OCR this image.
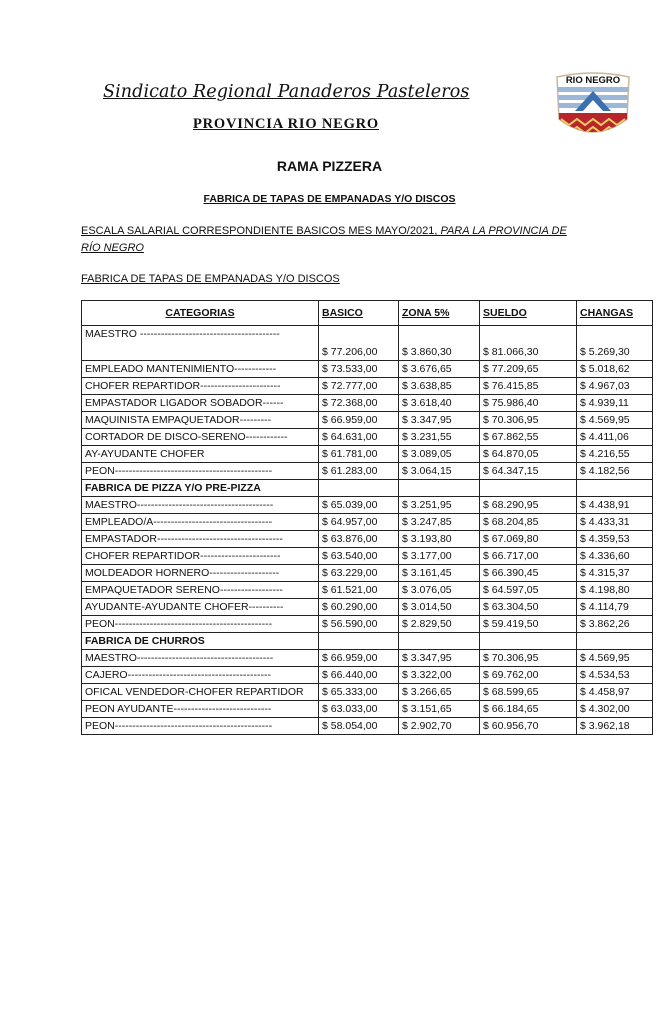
Sindicato Regional Panaderos Pasteleros
PROVINCIA RIO NEGRO
RIO NEGRO
RAMA PIZZERA
FABRICA DE TAPAS DE EMPANADAS Y/O DISCOS
ESCALA SALARIAL CORRESPONDIENTE BASICOS MES MAYO/2021, PARA LA PROVINCIA DE RÍO NEGRO
FABRICA DE TAPAS DE EMPANADAS Y/O DISCOS
CATEGORIAS	BASICO	ZONA 5%	SUELDO	CHANGAS
MAESTRO ----------------------------------------	$ 77.206,00	$ 3.860,30	$ 81.066,30	$ 5.269,30
EMPLEADO MANTENIMIENTO------------	$ 73.533,00	$ 3.676,65	$ 77.209,65	$ 5.018,62
CHOFER REPARTIDOR-----------------------	$ 72.777,00	$ 3.638,85	$ 76.415,85	$ 4.967,03
EMPASTADOR LIGADOR SOBADOR------	$ 72.368,00	$ 3.618,40	$ 75.986,40	$ 4.939,11
MAQUINISTA EMPAQUETADOR---------	$ 66.959,00	$ 3.347,95	$ 70.306,95	$ 4.569,95
CORTADOR DE DISCO-SERENO------------	$ 64.631,00	$ 3.231,55	$ 67.862,55	$ 4.411,06
AY-AYUDANTE CHOFER	$ 61.781,00	$ 3.089,05	$ 64.870,05	$ 4.216,55
PEON---------------------------------------------	$ 61.283,00	$ 3.064,15	$ 64.347,15	$ 4.182,56
FABRICA DE PIZZA Y/O PRE-PIZZA				
MAESTRO---------------------------------------	$ 65.039,00	$ 3.251,95	$ 68.290,95	$ 4.438,91
EMPLEADO/A----------------------------------	$ 64.957,00	$ 3.247,85	$ 68.204,85	$ 4.433,31
EMPASTADOR------------------------------------	$ 63.876,00	$ 3.193,80	$ 67.069,80	$ 4.359,53
CHOFER REPARTIDOR-----------------------	$ 63.540,00	$ 3.177,00	$ 66.717,00	$ 4.336,60
MOLDEADOR HORNERO--------------------	$ 63.229,00	$ 3.161,45	$ 66.390,45	$ 4.315,37
EMPAQUETADOR SERENO------------------	$ 61.521,00	$ 3.076,05	$ 64.597,05	$ 4.198,80
AYUDANTE-AYUDANTE CHOFER----------	$ 60.290,00	$ 3.014,50	$ 63.304,50	$ 4.114,79
PEON---------------------------------------------	$ 56.590,00	$ 2.829,50	$ 59.419,50	$ 3.862,26
FABRICA DE CHURROS				
MAESTRO---------------------------------------	$ 66.959,00	$ 3.347,95	$ 70.306,95	$ 4.569,95
CAJERO-----------------------------------------	$ 66.440,00	$ 3.322,00	$ 69.762,00	$ 4.534,53
OFICAL VENDEDOR-CHOFER REPARTIDOR	$ 65.333,00	$ 3.266,65	$ 68.599,65	$ 4.458,97
PEON AYUDANTE----------------------------	$ 63.033,00	$ 3.151,65	$ 66.184,65	$ 4.302,00
PEON---------------------------------------------	$ 58.054,00	$ 2.902,70	$ 60.956,70	$ 3.962,18
